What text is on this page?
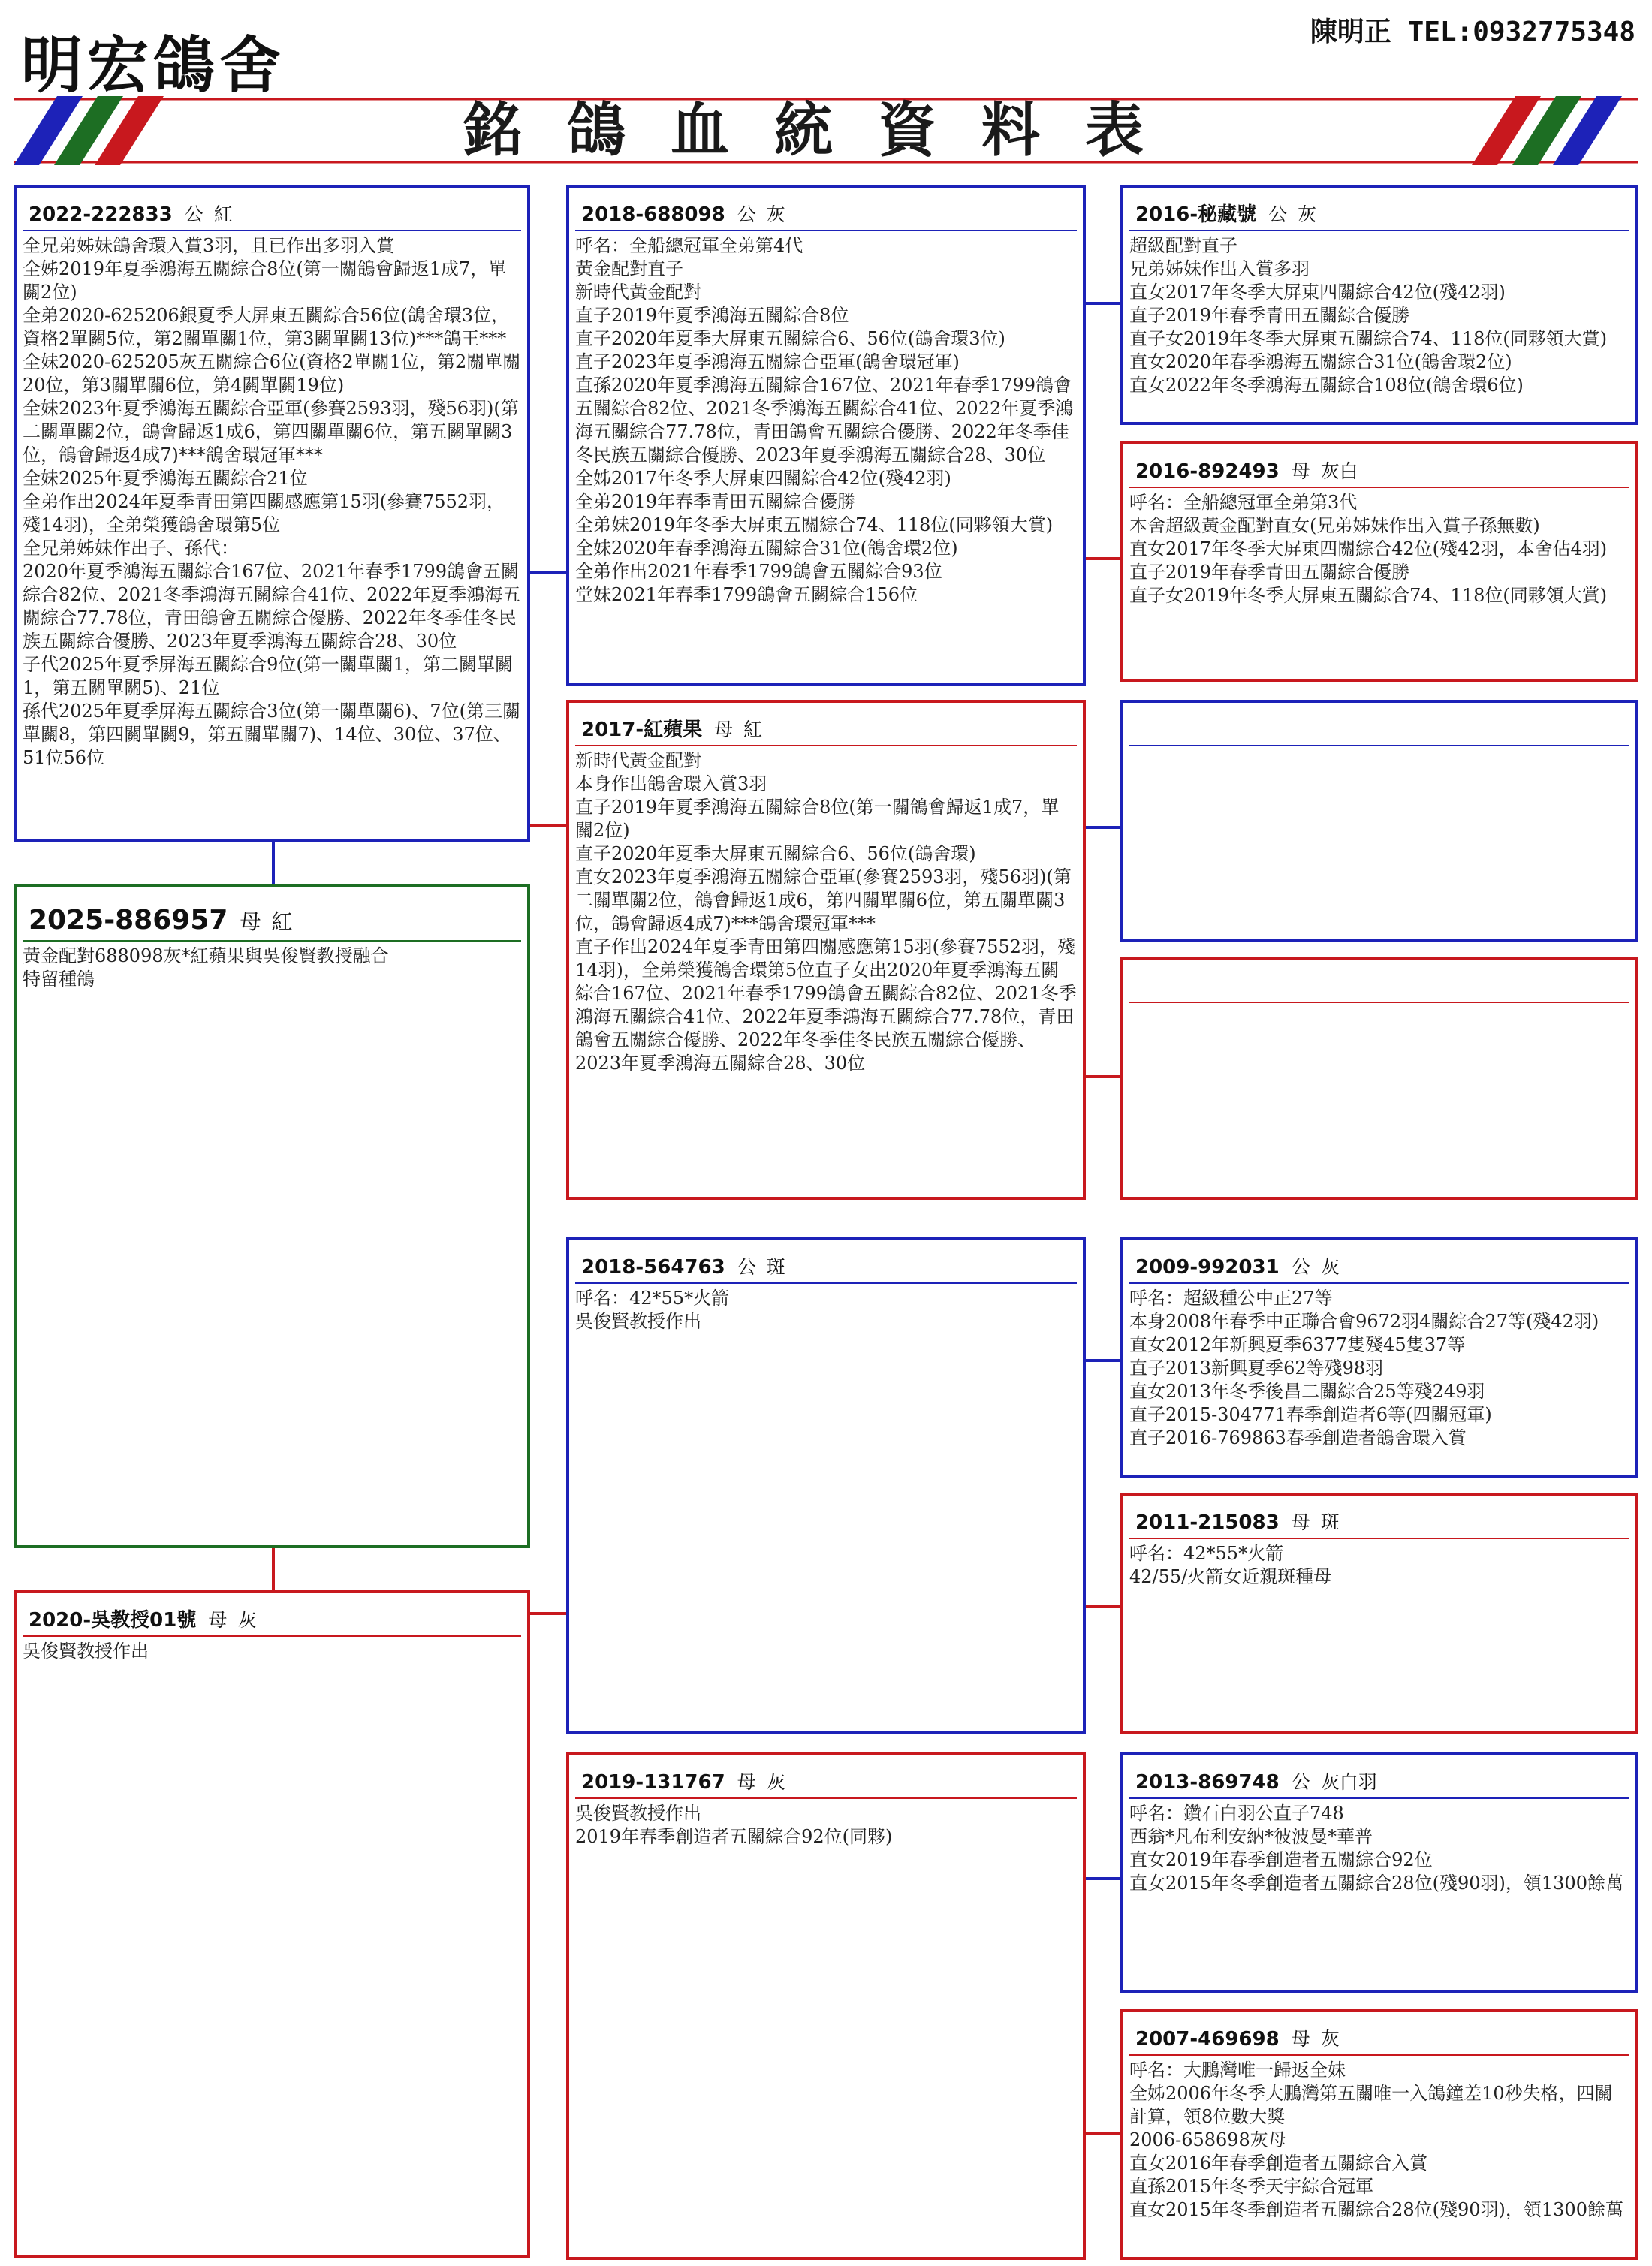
明宏鴿舍	陳明正 TEL:0932775348
銘鴿血統資料表
2022-222833 公 紅
全兄弟姊妹鴿舍環入賞3羽，且已作出多羽入賞
全姊2019年夏季鴻海五關綜合8位(第一關鴿會歸返1成7，單關2位)
全弟2020-625206銀夏季大屏東五關綜合56位(鴿舍環3位，資格2單關5位，第2關單關1位，第3關單關13位)***鴿王***
全妹2020-625205灰五關綜合6位(資格2單關1位，第2關單關20位，第3關單關6位，第4關單關19位)
全妹2023年夏季鴻海五關綜合亞軍(參賽2593羽，殘56羽)(第二關單關2位，鴿會歸返1成6，第四關單關6位，第五關單關3位，鴿會歸返4成7)***鴿舍環冠軍***
全妹2025年夏季鴻海五關綜合21位
全弟作出2024年夏季青田第四關感應第15羽(參賽7552羽，殘14羽)，全弟榮獲鴿舍環第5位
全兄弟姊妹作出子、孫代：
2020年夏季鴻海五關綜合167位、2021年春季1799鴿會五關綜合82位、2021冬季鴻海五關綜合41位、2022年夏季鴻海五關綜合77.78位，青田鴿會五關綜合優勝、2022年冬季佳冬民族五關綜合優勝、2023年夏季鴻海五關綜合28、30位
子代2025年夏季屏海五關綜合9位(第一關單關1，第二關單關1，第五關單關5)、21位
孫代2025年夏季屏海五關綜合3位(第一關單關6)、7位(第三關單關8，第四關單關9，第五關單關7)、14位、30位、37位、51位56位
2025-886957 母 紅
黃金配對688098灰*紅蘋果與吳俊賢教授融合
特留種鴿
2020-吳教授01號 母 灰
吳俊賢教授作出
2018-688098 公 灰
呼名：全船總冠軍全弟第4代
黃金配對直子
新時代黃金配對
直子2019年夏季鴻海五關綜合8位
直子2020年夏季大屏東五關綜合6、56位(鴿舍環3位)
直子2023年夏季鴻海五關綜合亞軍(鴿舍環冠軍)
直孫2020年夏季鴻海五關綜合167位、2021年春季1799鴿會五關綜合82位、2021冬季鴻海五關綜合41位、2022年夏季鴻海五關綜合77.78位，青田鴿會五關綜合優勝、2022年冬季佳冬民族五關綜合優勝、2023年夏季鴻海五關綜合28、30位
全姊2017年冬季大屏東四關綜合42位(殘42羽)
全弟2019年春季青田五關綜合優勝
全弟妹2019年冬季大屏東五關綜合74、118位(同夥領大賞)
全妹2020年春季鴻海五關綜合31位(鴿舍環2位)
全弟作出2021年春季1799鴿會五關綜合93位
堂妹2021年春季1799鴿會五關綜合156位
2017-紅蘋果 母 紅
新時代黃金配對
本身作出鴿舍環入賞3羽
直子2019年夏季鴻海五關綜合8位(第一關鴿會歸返1成7，單關2位)
直子2020年夏季大屏東五關綜合6、56位(鴿舍環)
直女2023年夏季鴻海五關綜合亞軍(參賽2593羽，殘56羽)(第二關單關2位，鴿會歸返1成6，第四關單關6位，第五關單關3位，鴿會歸返4成7)***鴿舍環冠軍***
直子作出2024年夏季青田第四關感應第15羽(參賽7552羽，殘14羽)，全弟榮獲鴿舍環第5位直子女出2020年夏季鴻海五關綜合167位、2021年春季1799鴿會五關綜合82位、2021冬季鴻海五關綜合41位、2022年夏季鴻海五關綜合77.78位，青田鴿會五關綜合優勝、2022年冬季佳冬民族五關綜合優勝、2023年夏季鴻海五關綜合28、30位
2018-564763 公 斑
呼名：42*55*火箭
吳俊賢教授作出
2019-131767 母 灰
吳俊賢教授作出
2019年春季創造者五關綜合92位(同夥)
2016-秘藏號 公 灰
超級配對直子
兄弟姊妹作出入賞多羽
直女2017年冬季大屏東四關綜合42位(殘42羽)
直子2019年春季青田五關綜合優勝
直子女2019年冬季大屏東五關綜合74、118位(同夥領大賞)
直女2020年春季鴻海五關綜合31位(鴿舍環2位)
直女2022年冬季鴻海五關綜合108位(鴿舍環6位)
2016-892493 母 灰白
呼名：全船總冠軍全弟第3代
本舍超級黃金配對直女(兄弟姊妹作出入賞子孫無數)
直女2017年冬季大屏東四關綜合42位(殘42羽，本舍佔4羽)
直子2019年春季青田五關綜合優勝
直子女2019年冬季大屏東五關綜合74、118位(同夥領大賞)
2009-992031 公 灰
呼名：超級種公中正27等
本身2008年春季中正聯合會9672羽4關綜合27等(殘42羽)
直女2012年新興夏季6377隻殘45隻37等
直子2013新興夏季62等殘98羽
直女2013年冬季後昌二關綜合25等殘249羽
直子2015-304771春季創造者6等(四關冠軍)
直子2016-769863春季創造者鴿舍環入賞
2011-215083 母 斑
呼名：42*55*火箭
42/55/火箭女近親斑種母
2013-869748 公 灰白羽
呼名：鑽石白羽公直子748
西翁*凡布利安納*彼波曼*華普
直女2019年春季創造者五關綜合92位
直女2015年冬季創造者五關綜合28位(殘90羽)，領1300餘萬
2007-469698 母 灰
呼名：大鵬灣唯一歸返全妹
全姊2006年冬季大鵬灣第五關唯一入鴿鐘差10秒失格，四關計算，領8位數大獎
2006-658698灰母
直女2016年春季創造者五關綜合入賞
直孫2015年冬季天宇綜合冠軍
直女2015年冬季創造者五關綜合28位(殘90羽)，領1300餘萬
